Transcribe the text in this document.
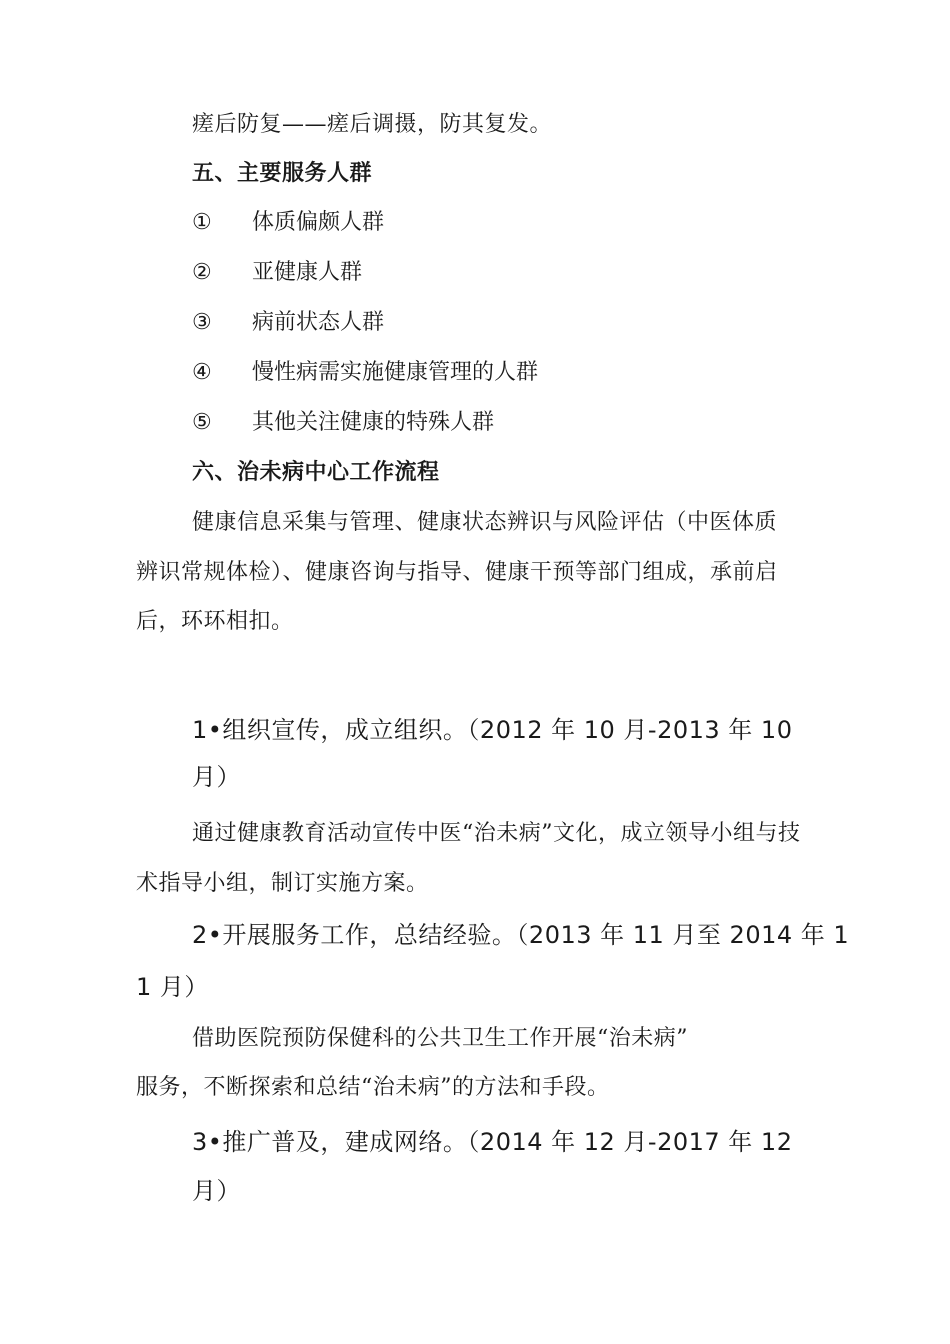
瘥后防复——瘥后调摄，防其复发。
五、主要服务人群
① 体质偏颇人群
② 亚健康人群
③ 病前状态人群
④ 慢性病需实施健康管理的人群
⑤ 其他关注健康的特殊人群
六、治未病中心工作流程
健康信息采集与管理、健康状态辨识与风险评估（中医体质
辨识常规体检）、健康咨询与指导、健康干预等部门组成，承前启
后，环环相扣。
1•组织宣传，成立组织。（2012 年 10 月-2013 年 10
月）
通过健康教育活动宣传中医“治未病”文化，成立领导小组与技
术指导小组，制订实施方案。
2•开展服务工作，总结经验。（2013 年 11 月至 2014 年 1
1 月）
借助医院预防保健科的公共卫生工作开展“治未病”
服务，不断探索和总结“治未病”的方法和手段。
3•推广普及，建成网络。（2014 年 12 月-2017 年 12
月）
